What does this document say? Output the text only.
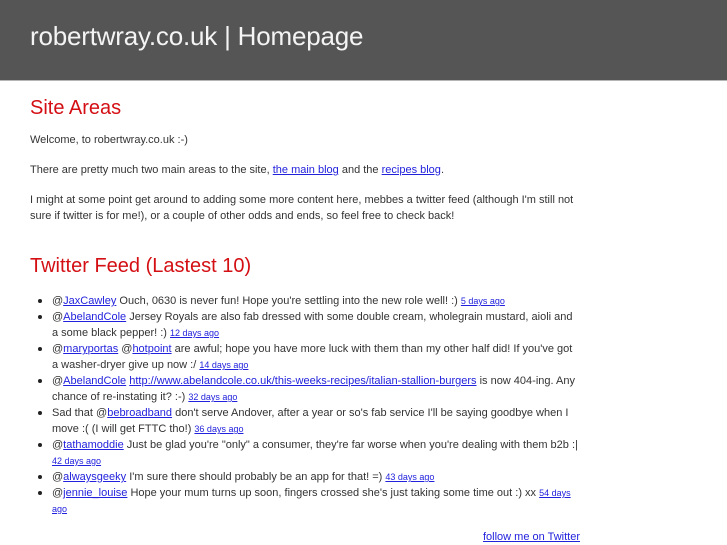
robertwray.co.uk | Homepage
Site Areas

Welcome, to robertwray.co.uk :-)

There are pretty much two main areas to the site, the main blog and the recipes blog.

I might at some point get around to adding some more content here, mebbes a twitter feed (although I'm still not sure if twitter is for me!), or a couple of other odds and ends, so feel free to check back!

Twitter Feed (Lastest 10)
@JaxCawley Ouch, 0630 is never fun! Hope you're settling into the new role well! :) 5 days ago
@AbelandCole Jersey Royals are also fab dressed with some double cream, wholegrain mustard, aioli and a some black pepper! :) 12 days ago
@maryportas @hotpoint are awful; hope you have more luck with them than my other half did! If you've got a washer-dryer give up now :/ 14 days ago
@AbelandCole http://www.abelandcole.co.uk/this-weeks-recipes/italian-stallion-burgers is now 404-ing. Any chance of re-instating it? :-) 32 days ago
Sad that @bebroadband don't serve Andover, after a year or so's fab service I'll be saying goodbye when I move :( (I will get FTTC tho!) 36 days ago
@tathamoddie Just be glad you're "only" a consumer, they're far worse when you're dealing with them b2b :| 42 days ago
@alwaysgeeky I'm sure there should probably be an app for that! =) 43 days ago
@jennie_louise Hope your mum turns up soon, fingers crossed she's just taking some time out :) xx 54 days ago
follow me on Twitter
